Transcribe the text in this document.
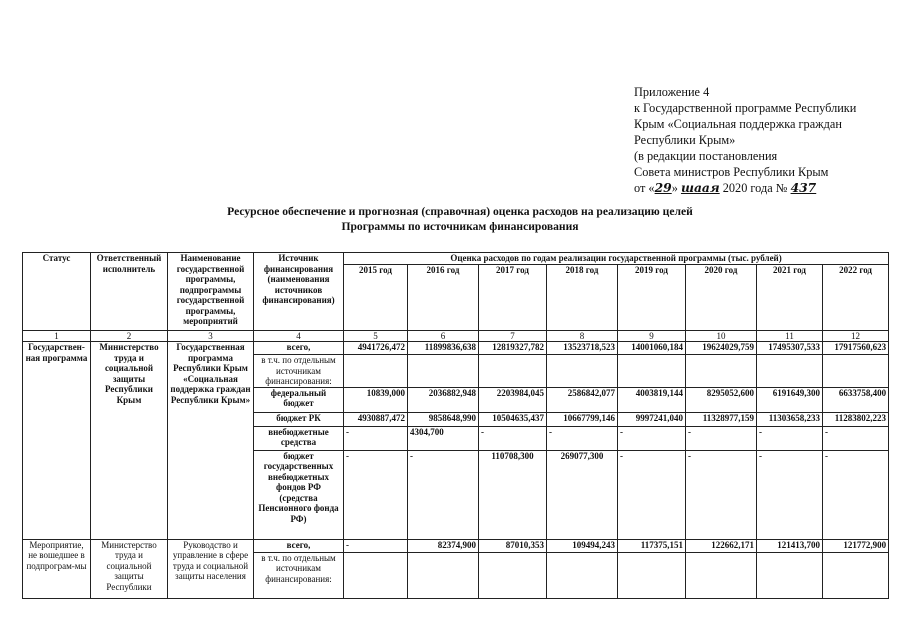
Приложение 4
к Государственной программе Республики
Крым «Социальная поддержка граждан
Республики Крым»
(в редакции постановления
Совета министров Республики Крым
от «29» шаая 2020 года № 437
Ресурсное обеспечение и прогнозная (справочная) оценка расходов на реализацию целей
Программы по источникам финансирования
Статус	Ответственный исполнитель	Наименование государственной программы, подпрограммы государственной программы, мероприятий	Источник финансирования (наименования источников финансирования)	Оценка расходов по годам реализации государственной программы (тыс. рублей)							
				2015 год	2016 год	2017 год	2018 год	2019 год	2020 год	2021 год	2022 год
1	2	3	4	5	6	7	8	9	10	11	12
Государствен-ная программа	Министерство труда и социальной защиты Республики Крым	Государственная программа Республики Крым «Социальная поддержка граждан Республики Крым»	всего,	4941726,472	11899836,638	12819327,782	13523718,523	14001060,184	19624029,759	17495307,533	17917560,623
			в т.ч. по отдельным источникам финансирования:								
			федеральный бюджет	10839,000	2036882,948	2203984,045	2586842,077	4003819,144	8295052,600	6191649,300	6633758,400
			бюджет РК	4930887,472	9858648,990	10504635,437	10667799,146	9997241,040	11328977,159	11303658,233	11283802,223
			внебюджетные средства	-	4304,700	-	-	-	-	-	-
			бюджет государственных внебюджетных фондов РФ (средства Пенсионного фонда РФ)	-	-	110708,300	269077,300	-	-	-	-
Мероприятие, не вошедшее в подпрограм-мы	Министерство труда и социальной защиты Республики	Руководство и управление в сфере труда и социальной защиты населения	всего,	-	82374,900	87010,353	109494,243	117375,151	122662,171	121413,700	121772,900
			в т.ч. по отдельным источникам финансирования:								
